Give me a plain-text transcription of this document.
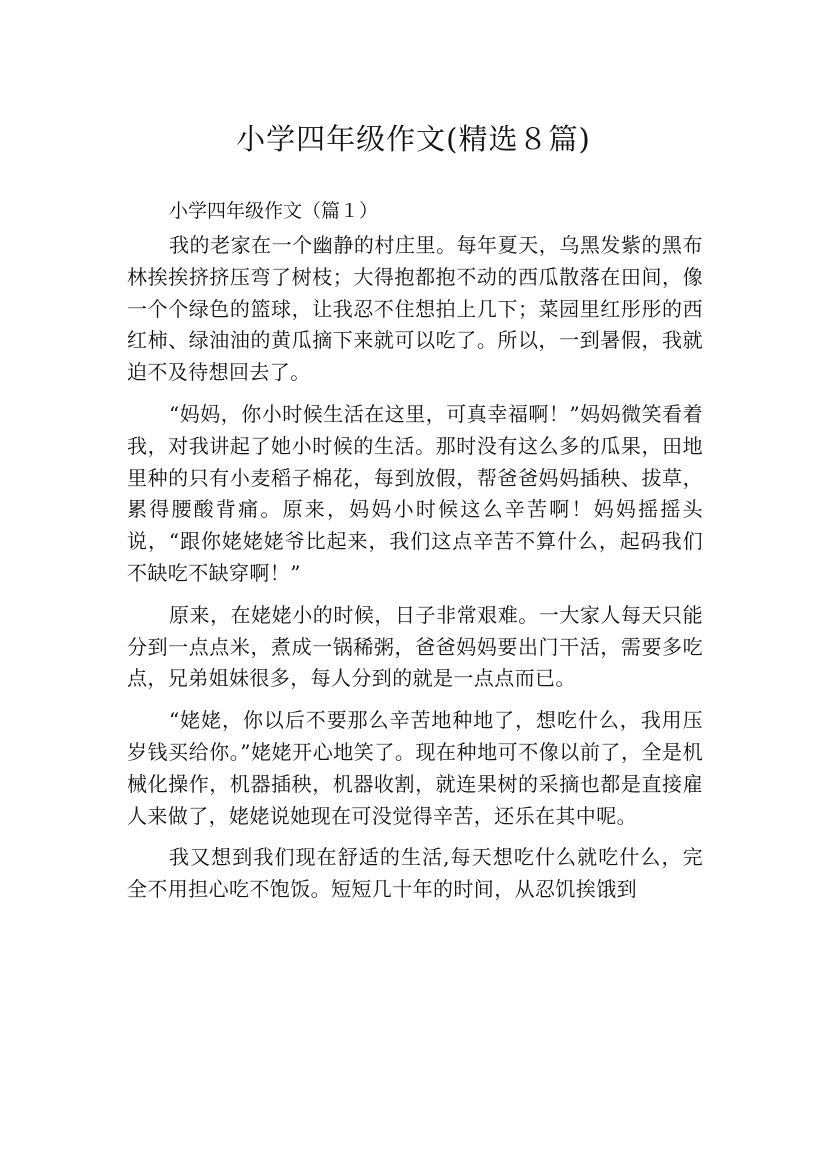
小学四年级作文(精选８篇)
小学四年级作文（篇１）

我的老家在一个幽静的村庄里。每年夏天，乌黑发紫的黑布林挨挨挤挤压弯了树枝；大得抱都抱不动的西瓜散落在田间，像一个个绿色的篮球，让我忍不住想拍上几下；菜园里红彤彤的西红柿、绿油油的黄瓜摘下来就可以吃了。所以，一到暑假，我就迫不及待想回去了。

“妈妈，你小时候生活在这里，可真幸福啊！”妈妈微笑看着我，对我讲起了她小时候的生活。那时没有这么多的瓜果，田地里种的只有小麦稻子棉花，每到放假，帮爸爸妈妈插秧、拔草，累得腰酸背痛。原来，妈妈小时候这么辛苦啊！妈妈摇摇头说，“跟你姥姥姥爷比起来，我们这点辛苦不算什么，起码我们不缺吃不缺穿啊！”

原来，在姥姥小的时候，日子非常艰难。一大家人每天只能分到一点点米，煮成一锅稀粥，爸爸妈妈要出门干活，需要多吃点，兄弟姐妹很多，每人分到的就是一点点而已。

“姥姥，你以后不要那么辛苦地种地了，想吃什么，我用压岁钱买给你。”姥姥开心地笑了。现在种地可不像以前了，全是机械化操作，机器插秧，机器收割，就连果树的采摘也都是直接雇人来做了，姥姥说她现在可没觉得辛苦，还乐在其中呢。

我又想到我们现在舒适的生活,每天想吃什么就吃什么，完全不用担心吃不饱饭。短短几十年的时间，从忍饥挨饿到
